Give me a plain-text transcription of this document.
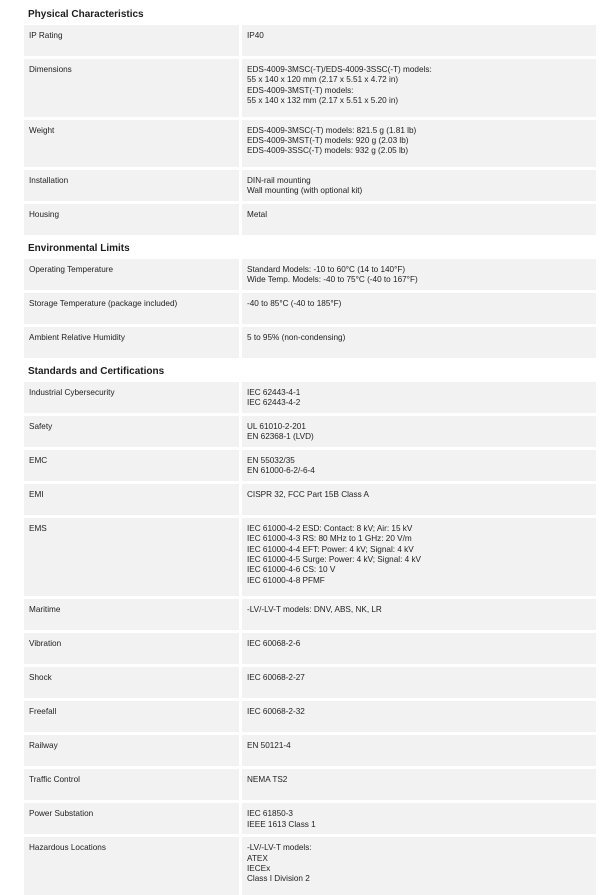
Physical Characteristics
IP Rating	IP40
Dimensions	EDS-4009-3MSC(-T)/EDS-4009-3SSC(-T) models:
55 x 140 x 120 mm (2.17 x 5.51 x 4.72 in)
EDS-4009-3MST(-T) models:
55 x 140 x 132 mm (2.17 x 5.51 x 5.20 in)
Weight	EDS-4009-3MSC(-T) models: 821.5 g (1.81 lb)
EDS-4009-3MST(-T) models: 920 g (2.03 lb)
EDS-4009-3SSC(-T) models: 932 g (2.05 lb)
Installation	DIN-rail mounting
Wall mounting (with optional kit)
Housing	Metal
Environmental Limits
Operating Temperature	Standard Models: -10 to 60°C (14 to 140°F)
Wide Temp. Models: -40 to 75°C (-40 to 167°F)
Storage Temperature (package included)	-40 to 85°C (-40 to 185°F)
Ambient Relative Humidity	5 to 95% (non-condensing)
Standards and Certifications
Industrial Cybersecurity	IEC 62443-4-1
IEC 62443-4-2
Safety	UL 61010-2-201
EN 62368-1 (LVD)
EMC	EN 55032/35
EN 61000-6-2/-6-4
EMI	CISPR 32, FCC Part 15B Class A
EMS	IEC 61000-4-2 ESD: Contact: 8 kV; Air: 15 kV
IEC 61000-4-3 RS: 80 MHz to 1 GHz: 20 V/m
IEC 61000-4-4 EFT: Power: 4 kV; Signal: 4 kV
IEC 61000-4-5 Surge: Power: 4 kV; Signal: 4 kV
IEC 61000-4-6 CS: 10 V
IEC 61000-4-8 PFMF
Maritime	-LV/-LV-T models: DNV, ABS, NK, LR
Vibration	IEC 60068-2-6
Shock	IEC 60068-2-27
Freefall	IEC 60068-2-32
Railway	EN 50121-4
Traffic Control	NEMA TS2
Power Substation	IEC 61850-3
IEEE 1613 Class 1
Hazardous Locations	-LV/-LV-T models:
ATEX
IECEx
Class I Division 2
